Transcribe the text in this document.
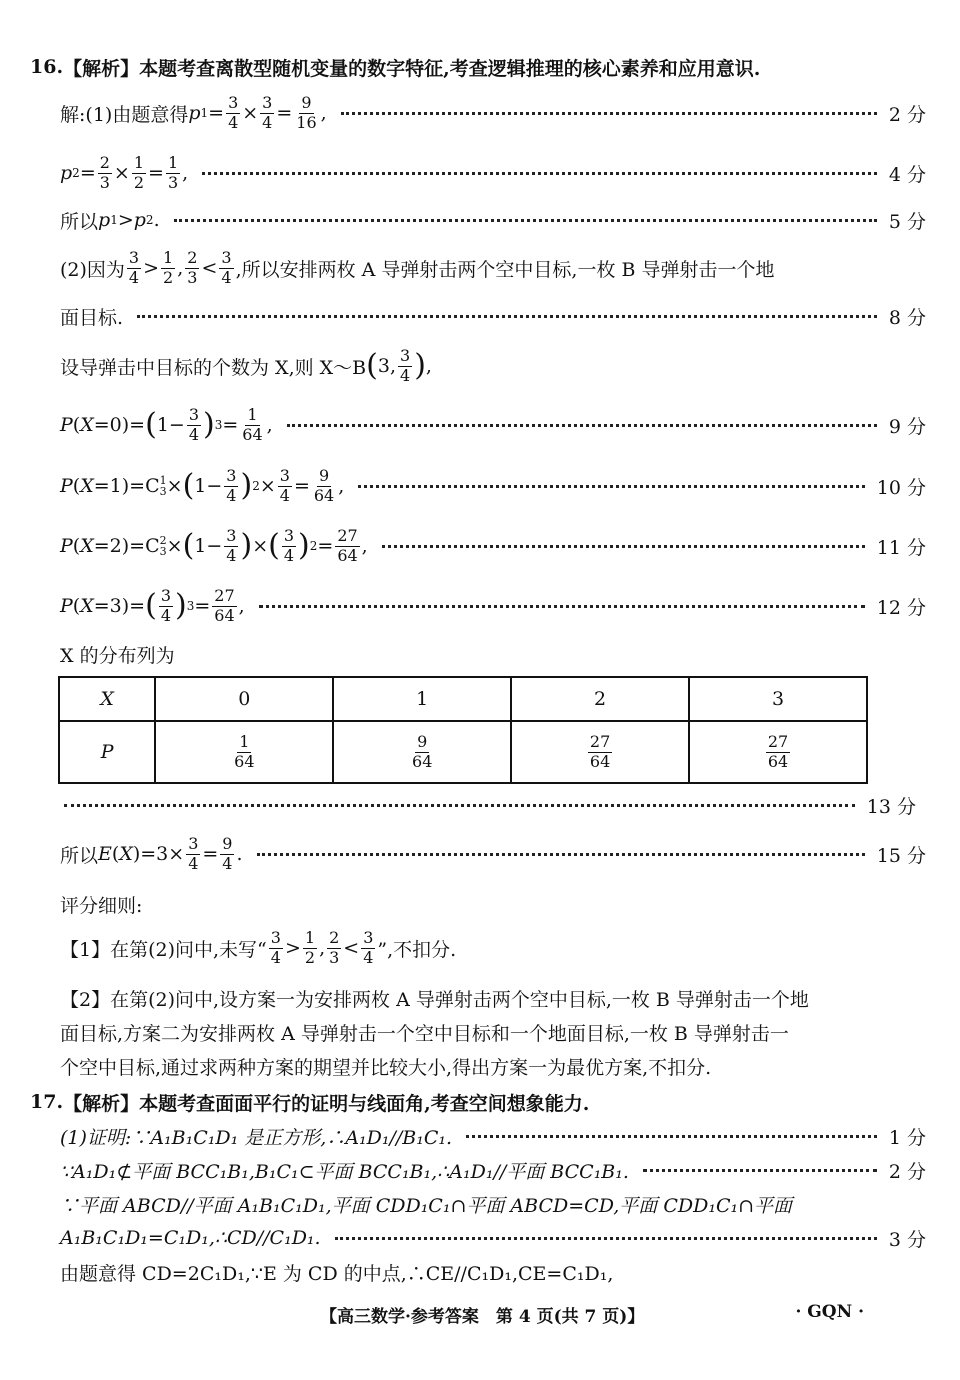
16. 【解析】 本题考查离散型随机变量的数字特征,考查逻辑推理的核心素养和应用意识.
解:(1)由题意得 p $1 = \frac{3}{4} \times \frac{3}{4} = \frac{9}{16}$ ,	2 分
p $2 = \frac{2}{3} \times \frac{1}{2} = \frac{1}{3}$ ,	4 分
所以 p 1 > p 2 .	5 分
(2)因为 $\frac{3}{4} > \frac{1}{2}$ , $\frac{2}{3} < \frac{3}{4}$ ,所以安排两枚 A 导弹射击两个空中目标,一枚 B 导弹射击一个地
面目标.	8 分
设导弹击中目标的个数为 X,则 X～B ( 3, $\frac{3}{4}$ ) ,
P ( X =0)= ( $1- \frac{3}{4}$ ) $3 = \frac{1}{64}$ ,	9 分
P ( X =1)=C 1
3 × ( $1- \frac{3}{4}$ ) $2 \times \frac{3}{4} = \frac{9}{64}$ ,	10 分
P ( X =2)=C 2
3 × ( $1- \frac{3}{4}$ ) × ( $\frac{3}{4}$ ) $2 = \frac{27}{64}$ ,	11 分
P ( X =3)= ( $\frac{3}{4}$ ) $3 = \frac{27}{64}$ ,	12 分
X 的分布列为
X	0	1	2	3
P	$\frac{1}{64}$	$\frac{9}{64}$	$\frac{27}{64}$	$\frac{27}{64}$
13 分
所以 E ( X )$=3\times \frac{3}{4} = \frac{9}{4}$ .	15 分
评分细则:
【1】在第(2)问中,未写“ $\frac{3}{4} > \frac{1}{2}$ , $\frac{2}{3} < \frac{3}{4}$ ”,不扣分.
【2】在第(2)问中,设方案一为安排两枚 A 导弹射击两个空中目标,一枚 B 导弹射击一个地
面目标,方案二为安排两枚 A 导弹射击一个空中目标和一个地面目标,一枚 B 导弹射击一
个空中目标,通过求两种方案的期望并比较大小,得出方案一为最优方案,不扣分.
17. 【解析】 本题考查面面平行的证明与线面角,考查空间想象能力.
(1)证明:∵A₁B₁C₁D₁ 是正方形,∴A₁D₁//B₁C₁.	1 分
∵A₁D₁⊄平面 BCC₁B₁,B₁C₁⊂平面 BCC₁B₁,∴A₁D₁//平面 BCC₁B₁.	2 分
∵平面 ABCD//平面 A₁B₁C₁D₁,平面 CDD₁C₁∩平面 ABCD=CD,平面 CDD₁C₁∩平面
A₁B₁C₁D₁=C₁D₁,∴CD//C₁D₁.	3 分
由题意得 CD=2C₁D₁,∵E 为 CD 的中点,∴CE//C₁D₁,CE=C₁D₁,
【高三数学·参考答案　第 4 页(共 7 页)】	· GQN ·
